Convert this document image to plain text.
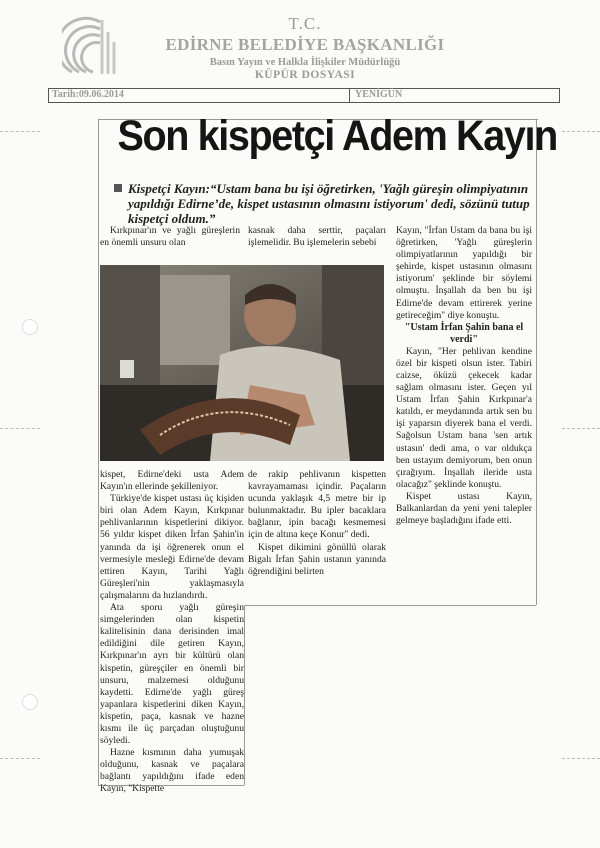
T.C.
EDİRNE BELEDİYE BAŞKANLIĞI
Basın Yayın ve Halkla İlişkiler Müdürlüğü
KÜPÜR DOSYASI
Tarih:09.06.2014	YENİGÜN
Son kispetçi Adem Kayın
Kispetçi Kayın:“Ustam bana bu işi öğretirken, 'Yağlı güreşin olimpiyatının yapıldığı Edirne’de, kispet ustasının olmasını istiyorum' dedi, sözünü tutup kispetçi oldum.”

Kırkpınar'ın ve yağlı güreşlerin en önemli unsuru olan

kasnak daha serttir, paçaları işlemelidir. Bu işlemelerin sebebi

kispet, Edirne'deki usta Adem Kayın'ın ellerinde şekilleniyor.

Türkiye'de kispet ustası üç kişiden biri olan Adem Kayın, Kırkpınar pehlivanlarının kispetlerini dikiyor. 56 yıldır kispet diken İrfan Şahin'in yanında da işi öğrenerek onun el vermesiyle mesleği Edirne'de devam ettiren Kayın, Tarihi Yağlı Güreşleri'nin yaklaşmasıyla çalışmalarını da hızlandırdı.

Ata sporu yağlı güreşin simgelerinden olan kispetin kalitelisinin dana derisinden imal edildiğini dile getiren Kayın, Kırkpınar'ın ayrı bir kültürü olan kispetin, güreşçiler en önemli bir unsuru, malzemesi olduğunu kaydetti. Edirne'de yağlı güreş yapanlara kispetlerini diken Kayın, kispetin, paça, kasnak ve hazne kısmı ile üç parçadan oluştuğunu söyledi.

Hazne kısmının daha yumuşak olduğunu, kasnak ve paçalara bağlantı yapıldığını ifade eden Kayın, "Kispette

de rakip pehlivanın kispetten kavrayamaması içindir. Paçaların ucunda yaklaşık 4,5 metre bir ip bulunmaktadır. Bu ipler bacaklara bağlanır, ipin bacağı kesmemesi için de altına keçe Konur" dedi.

Kispet dikimini gönüllü olarak Bigalı İrfan Şahin ustanın yanında öğrendiğini belirten

Kayın, "İrfan Ustam da bana bu işi öğretirken, 'Yağlı güreşlerin olimpiyatlarının yapıldığı bir şehirde, kispet ustasının olmasını istiyorum' şeklinde bir söylemi olmuştu. İnşallah da ben bu işi Edirne'de devam ettirerek yerine getireceğim" diye konuştu.

"Ustam İrfan Şahin bana el verdi"

Kayın, "Her pehlivan kendine özel bir kispeti olsun ister. Tabiri caizse, öküzü çekecek kadar sağlam olmasını ister. Geçen yıl Ustam İrfan Şahin Kırkpınar'a katıldı, er meydanında artık sen bu işi yaparsın diyerek bana el verdi. Sağolsun Ustam bana 'sen artık ustasın' dedi ama, o var oldukça ben ustayım demiyorum, ben onun çırağıyım. İnşallah ileride usta olacağız" şeklinde konuştu.

Kispet ustası Kayın, Balkanlardan da yeni yeni talepler gelmeye başladığını ifade etti.
